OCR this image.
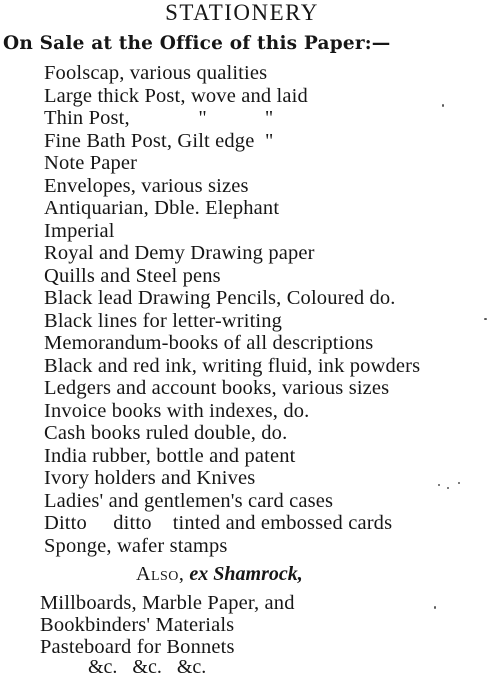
STATIONERY
On Sale at the Office of this Paper:—
Foolscap, various qualities
Large thick Post, wove and laid
Thin Post,             "           "
Fine Bath Post, Gilt edge  "
Note Paper
Envelopes, various sizes
Antiquarian, Dble. Elephant
Imperial
Royal and Demy Drawing paper
Quills and Steel pens
Black lead Drawing Pencils, Coloured do.
Black lines for letter-writing
Memorandum-books of all descriptions
Black and red ink, writing fluid, ink powders
Ledgers and account books, various sizes
Invoice books with indexes, do.
Cash books ruled double, do.
India rubber, bottle and patent
Ivory holders and Knives
Ladies' and gentlemen's card cases
Ditto     ditto    tinted and embossed cards
Sponge, wafer stamps
Also, ex Shamrock,
Millboards, Marble Paper, and
Bookbinders' Materials
Pasteboard for Bonnets
&c. &c. &c.
